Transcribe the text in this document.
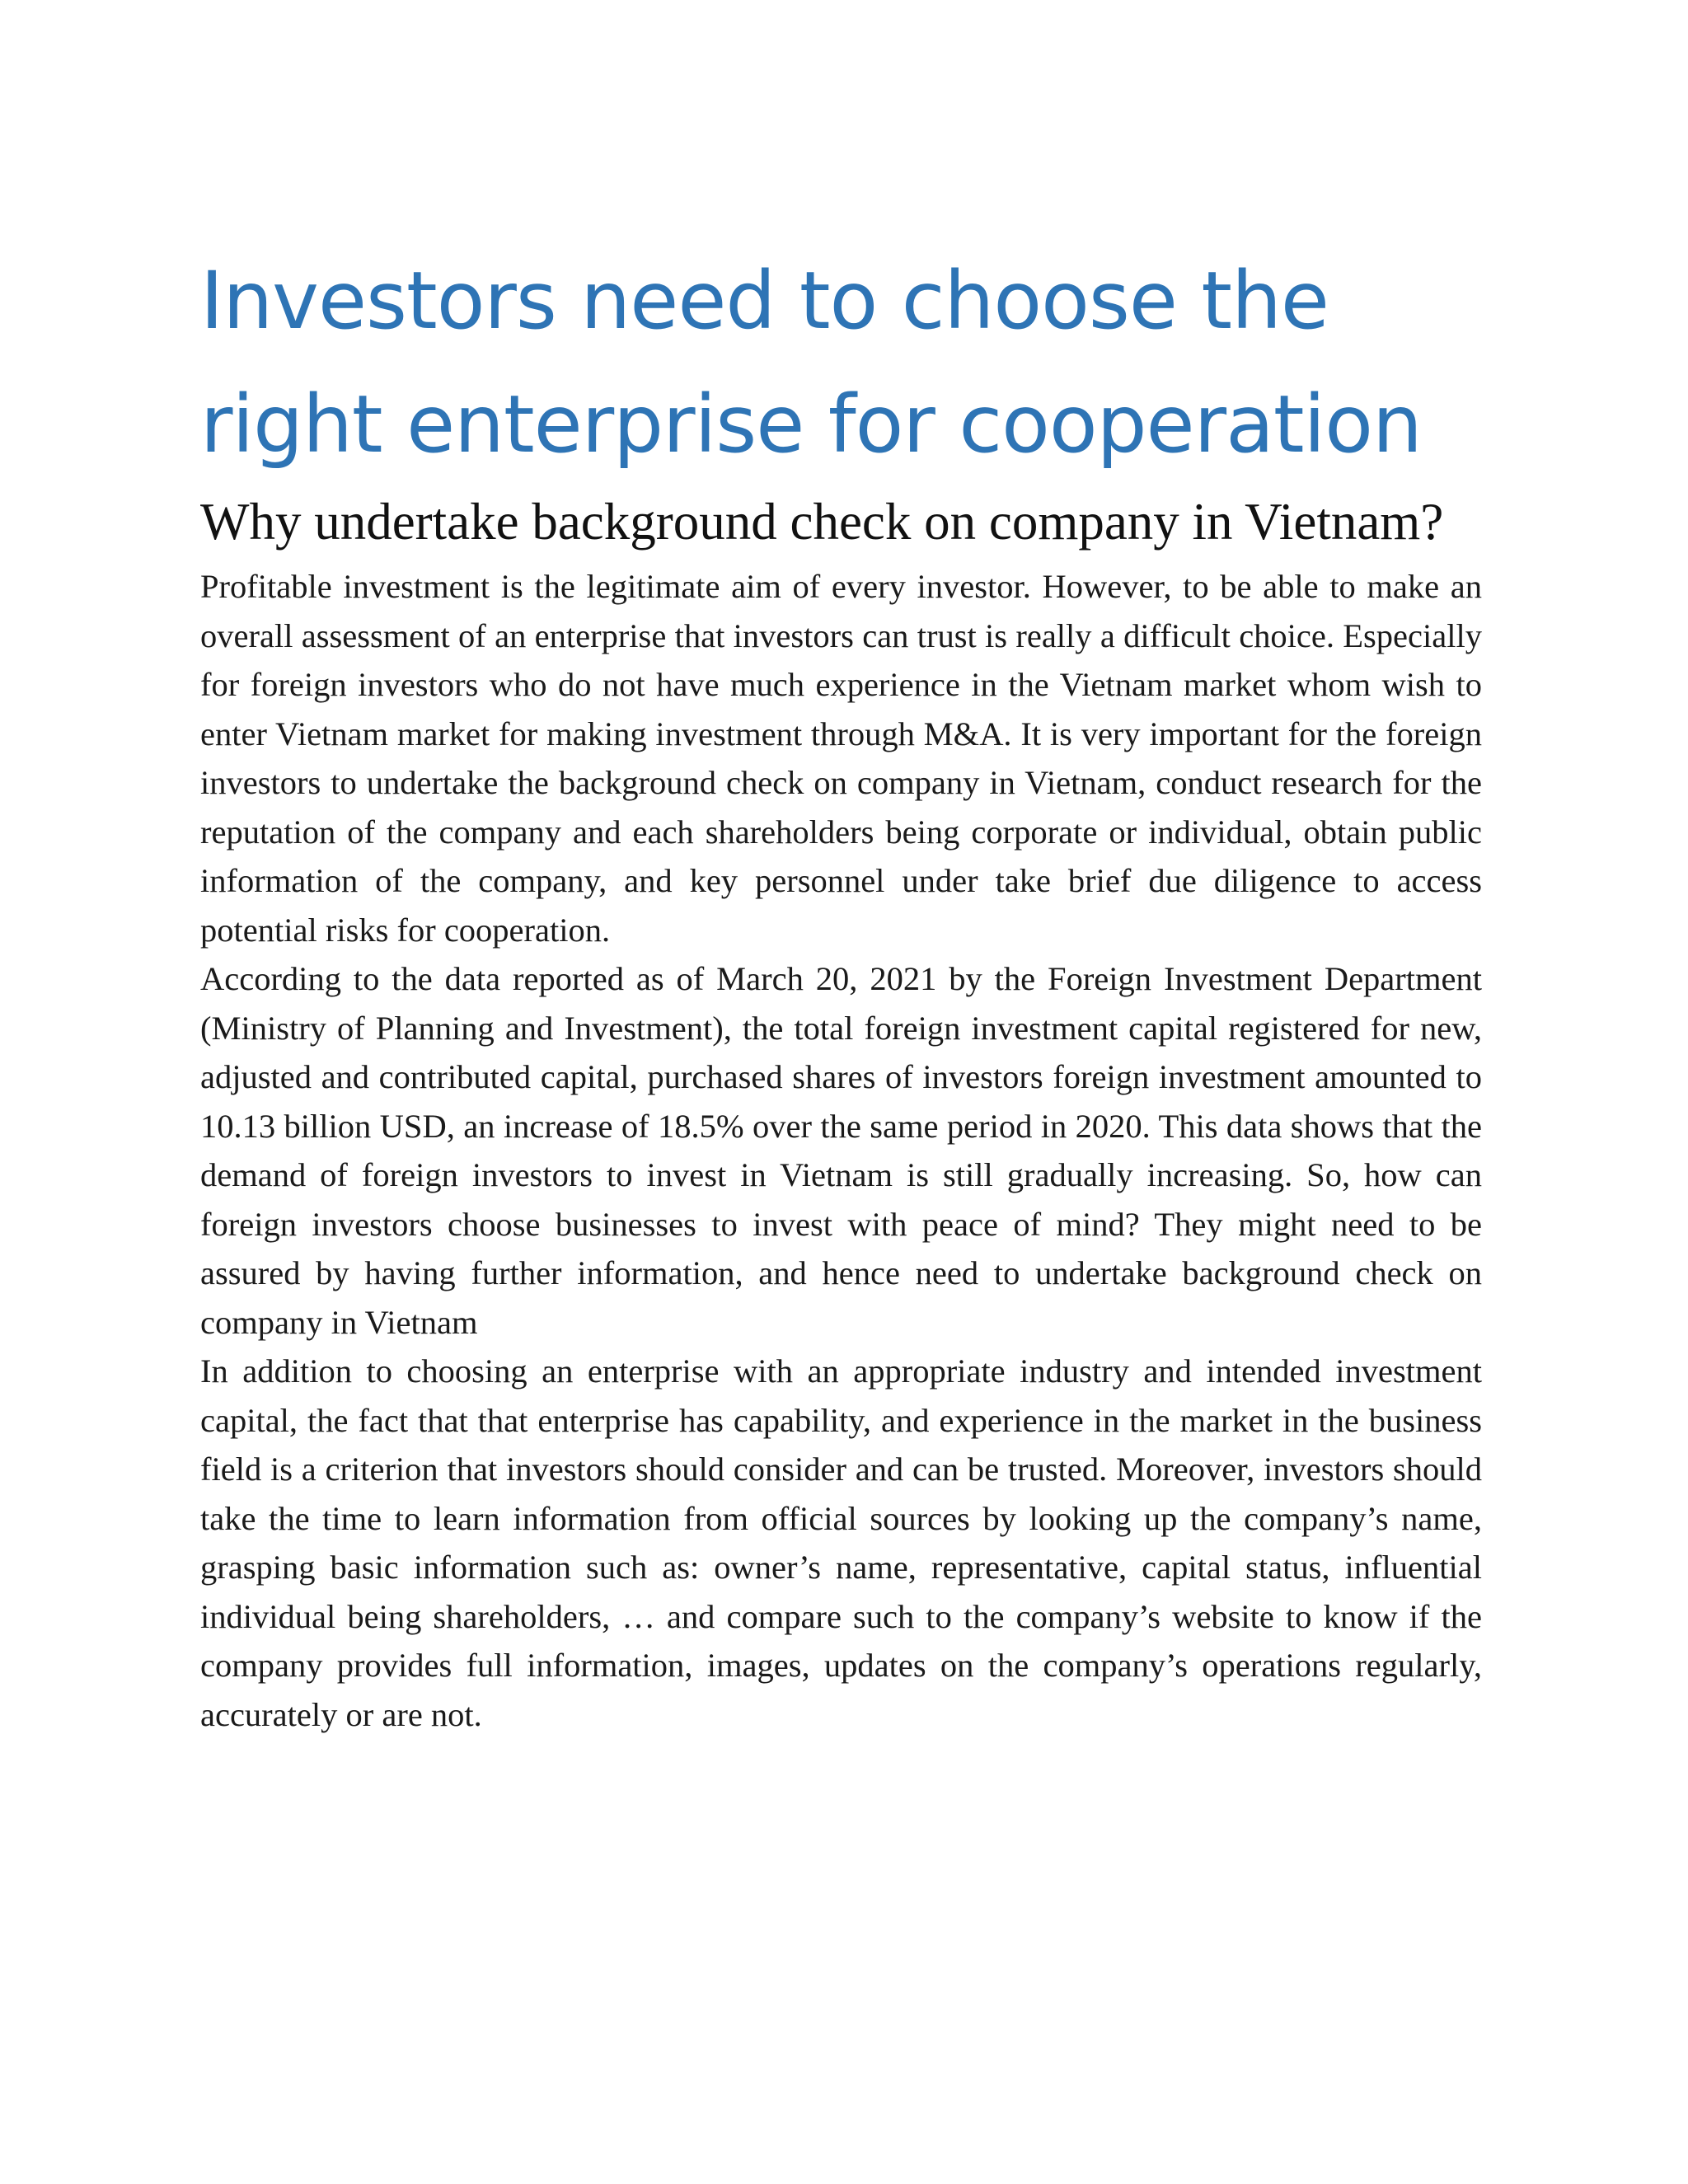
Investors need to choose the right enterprise for cooperation
Why undertake background check on company in Vietnam?

Profitable investment is the legitimate aim of every investor. However, to be able to make an overall assessment of an enterprise that investors can trust is really a difficult choice. Especially for foreign investors who do not have much experience in the Vietnam market whom wish to enter Vietnam market for making investment through M&A. It is very important for the foreign investors to undertake the background check on company in Vietnam, conduct research for the reputation of the company and each shareholders being corporate or individual, obtain public information of the company, and key personnel under take brief due diligence to access potential risks for cooperation.

According to the data reported as of March 20, 2021 by the Foreign Investment Department (Ministry of Planning and Investment), the total foreign investment capital registered for new, adjusted and contributed capital, purchased shares of investors foreign investment amounted to 10.13 billion USD, an increase of 18.5% over the same period in 2020. This data shows that the demand of foreign investors to invest in Vietnam is still gradually increasing. So, how can foreign investors choose businesses to invest with peace of mind? They might need to be assured by having further information, and hence need to undertake background check on company in Vietnam

In addition to choosing an enterprise with an appropriate industry and intended investment capital, the fact that that enterprise has capability, and experience in the market in the business field is a criterion that investors should consider and can be trusted. Moreover, investors should take the time to learn information from official sources by looking up the company’s name, grasping basic information such as: owner’s name, representative, capital status, influential individual being shareholders, … and compare such to the company’s website to know if the company provides full information, images, updates on the company’s operations regularly, accurately or are not.
